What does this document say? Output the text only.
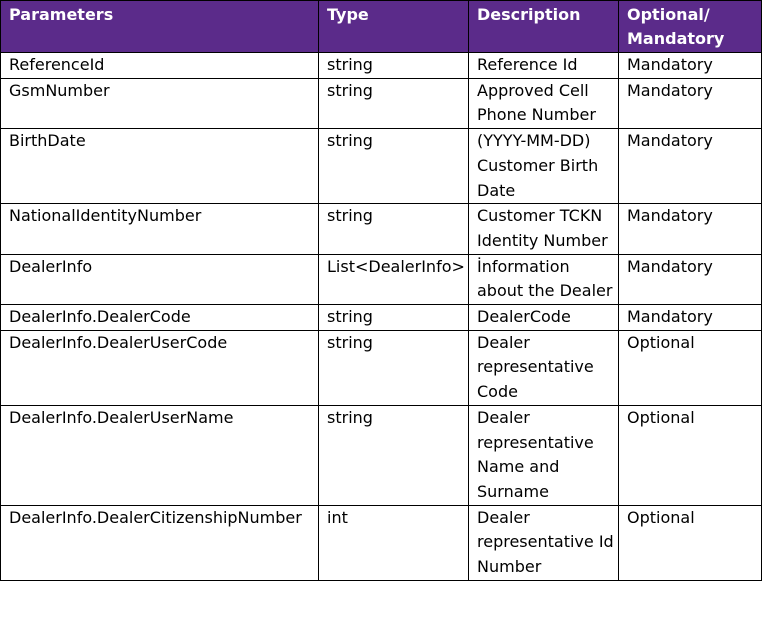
Parameters	Type	Description	Optional/
Mandatory
ReferenceId	string	Reference Id	Mandatory
GsmNumber	string	Approved Cell Phone Number	Mandatory
BirthDate	string	(YYYY-MM-DD) Customer Birth Date	Mandatory
NationalIdentityNumber	string	Customer TCKN Identity Number	Mandatory
DealerInfo	List<DealerInfo>	İnformation about the Dealer	Mandatory
DealerInfo.DealerCode	string	DealerCode	Mandatory
DealerInfo.DealerUserCode	string	Dealer representative Code	Optional
DealerInfo.DealerUserName	string	Dealer representative Name and Surname	Optional
DealerInfo.DealerCitizenshipNumber	int	Dealer representative Id Number	Optional
